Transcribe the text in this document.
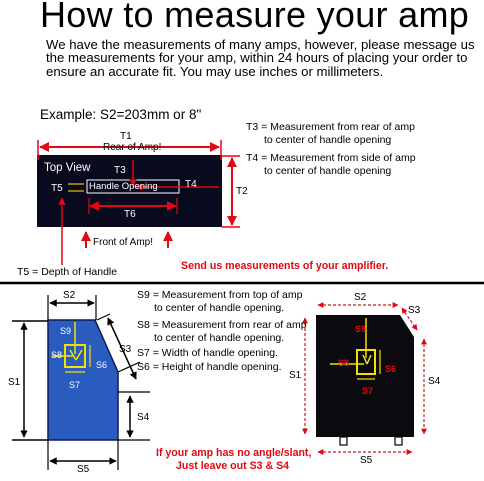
How to measure your amp
We have the measurements of many amps, however, please message us the measurements for your amp, within 24 hours of placing your order to ensure an accurate fit. You may use inches or millimeters.
Example: S2=203mm or 8"
Top View
T1
Rear of Amp!
T3
T4
T5	Handle Opening
T6
T2
Front of Amp!
T3 = Measurement from rear of amp
to center of handle opening
T4 = Measurement from side of amp
to center of handle opening
T5 = Depth of Handle	Send us measurements of your amplifier.
S9 = Measurement from top of amp
to center of handle opening.
S8 = Measurement from rear of amp
to center of handle opening.
S7 = Width of handle opening.
S6 = Height of handle opening.
If your amp has no angle/slant,
Just leave out S3 & S4
S2
S1
S3
S4
S5
S9
S8
S6
S7
S2
S3
S1
S4
S5
S9
S8
S6
S7
